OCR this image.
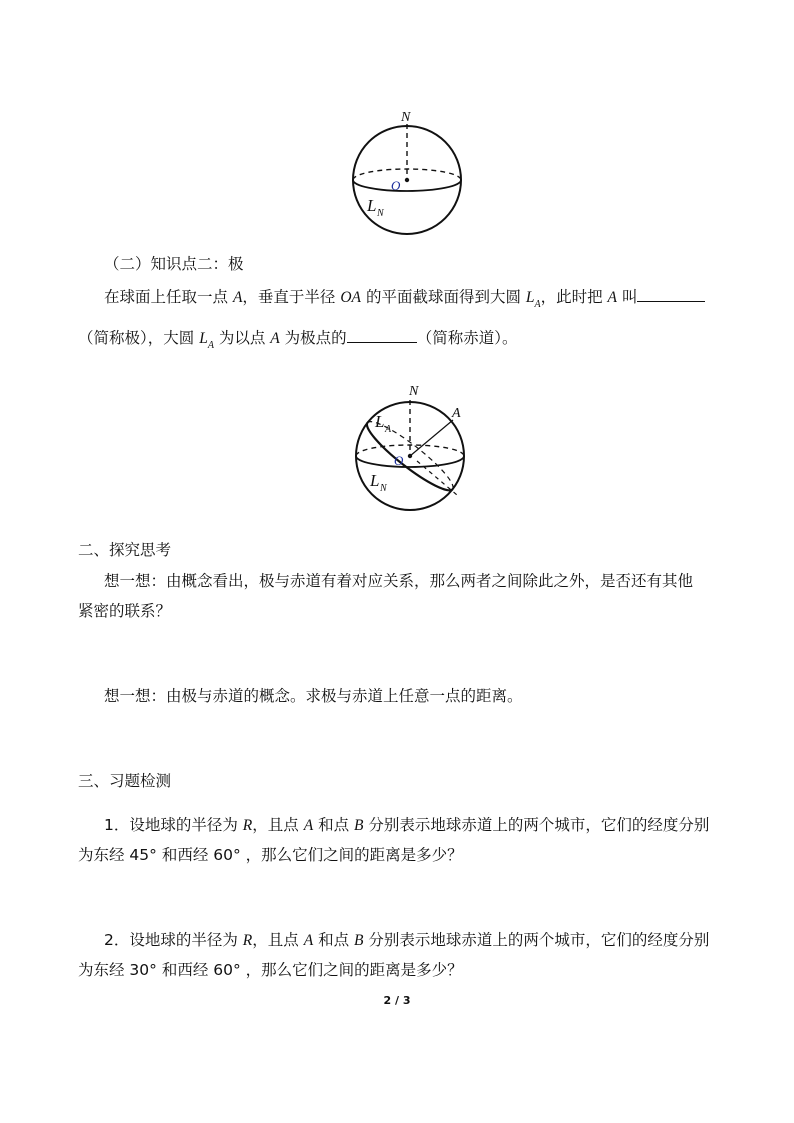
N
O
L N
（二）知识点二：极
在球面上任取一点 A，垂直于半径 OA 的平面截球面得到大圆 $L_A$，此时把 A 叫
（简称极），大圆 $L_A$ 为以点 A 为极点的	（简称赤道）。
N
A
L A
O
L N
二、探究思考
想一想：由概念看出，极与赤道有着对应关系，那么两者之间除此之外，是否还有其他
紧密的联系？
想一想：由极与赤道的概念。求极与赤道上任意一点的距离。
三、习题检测
1．设地球的半径为 R，且点 A 和点 B 分别表示地球赤道上的两个城市，它们的经度分别
为东经 45° 和西经 60° ，那么它们之间的距离是多少？
2．设地球的半径为 R，且点 A 和点 B 分别表示地球赤道上的两个城市，它们的经度分别
为东经 30° 和西经 60° ，那么它们之间的距离是多少？
2 / 3
